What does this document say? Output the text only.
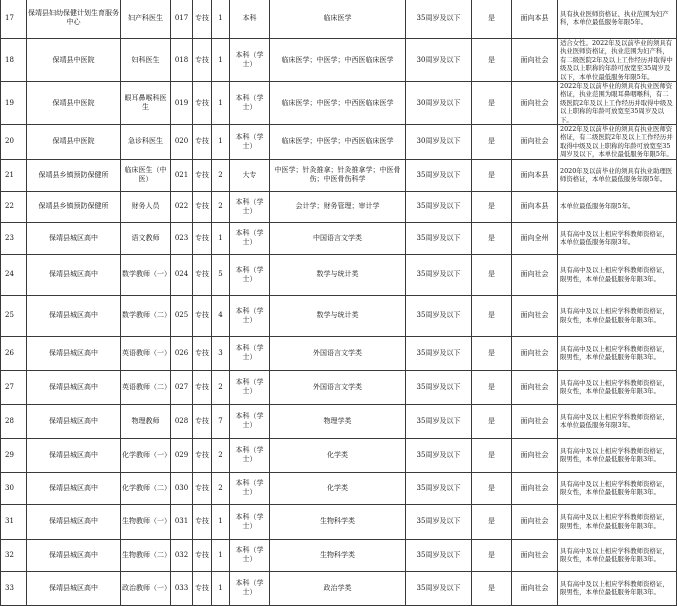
17	保靖县妇幼保健计划生育服务中心	妇产科医生	017	专技	1	本科	临床医学	35周岁及以下	是	面向本县	具有执业医师资格证、执业范围为妇产科，本单位最低服务年限5年。
18	保靖县中医院	妇科医生	018	专技	1	本科（学士）	临床医学；中医学；中西医临床医学	30周岁及以下	是	面向社会	适合女性。2022年及以前毕业的须具有执业医师资格证，执业范围为妇产科，有二级医院2年及以上工作经历并取得中级及以上职称的年龄可放宽至35周岁及以下，本单位最低服务年限5年。
19	保靖县中医院	眼耳鼻喉科医生	019	专技	1	本科（学士）	临床医学；中医学；中西医临床医学	30周岁及以下	是	面向社会	2022年及以前毕业的须具有执业医师资格证，执业范围为眼耳鼻咽喉科，有二级医院2年及以上工作经历并取得中级及以上职称的年龄可放宽至35周岁及以下。
20	保靖县中医院	急诊科医生	020	专技	1	本科（学士）	临床医学；中医学；中西医临床医学	30周岁及以下	是	面向社会	2022年及以前毕业的须具有执业医师资格证，有二级医院2年及以上工作经历并取得中级及以上职称的年龄可放宽至35周岁及以下，本单位最低服务年限5年。
21	保靖县乡镇预防保健所	临床医生（中医）	021	专技	2	大专	中医学；针灸推拿；针灸推拿学；中医骨伤；中医骨伤科学	35周岁及以下	是	面向本县	2020年及以前毕业的须具有执业助理医师资格证，本单位最低服务年限5年。
22	保靖县乡镇预防保健所	财务人员	022	专技	2	本科（学士）	会计学；财务管理；审计学	35周岁及以下	是	面向本县	本单位最低服务年限5年。
23	保靖县城区高中	语文教师	023	专技	1	本科（学士）	中国语言文学类	35周岁及以下	是	面向全州	具有高中及以上相应学科教师资格证，本单位最低服务年限3年。
24	保靖县城区高中	数学教师（一）	024	专技	5	本科（学士）	数学与统计类	35周岁及以下	是	面向社会	具有高中及以上相应学科教师资格证，限男性，本单位最低服务年限3年。
25	保靖县城区高中	数学教师（二）	025	专技	4	本科（学士）	数学与统计类	35周岁及以下	是	面向社会	具有高中及以上相应学科教师资格证，限女性，本单位最低服务年限3年。
26	保靖县城区高中	英语教师（一）	026	专技	3	本科（学士）	外国语言文学类	35周岁及以下	是	面向社会	具有高中及以上相应学科教师资格证，限男性，本单位最低服务年限3年。
27	保靖县城区高中	英语教师（二）	027	专技	2	本科（学士）	外国语言文学类	35周岁及以下	是	面向社会	具有高中及以上相应学科教师资格证，限女性，本单位最低服务年限3年。
28	保靖县城区高中	物理教师	028	专技	7	本科（学士）	物理学类	35周岁及以下	是	面向社会	具有高中及以上相应学科教师资格证，本单位最低服务年限3年。
29	保靖县城区高中	化学教师（一）	029	专技	2	本科（学士）	化学类	35周岁及以下	是	面向社会	具有高中及以上相应学科教师资格证，限男性，本单位最低服务年限3年。
30	保靖县城区高中	化学教师（二）	030	专技	2	本科（学士）	化学类	35周岁及以下	是	面向社会	具有高中及以上相应学科教师资格证，限女性，本单位最低服务年限3年。
31	保靖县城区高中	生物教师（一）	031	专技	1	本科（学士）	生物科学类	35周岁及以下	是	面向社会	具有高中及以上相应学科教师资格证，限男性，本单位最低服务年限3年。
32	保靖县城区高中	生物教师（二）	032	专技	1	本科（学士）	生物科学类	35周岁及以下	是	面向社会	具有高中及以上相应学科教师资格证，限女性，本单位最低服务年限3年。
33	保靖县城区高中	政治教师（一）	033	专技	1	本科（学士）	政治学类	35周岁及以下	是	面向社会	具有高中及以上相应学科教师资格证，限男性，本单位最低服务年限3年。
